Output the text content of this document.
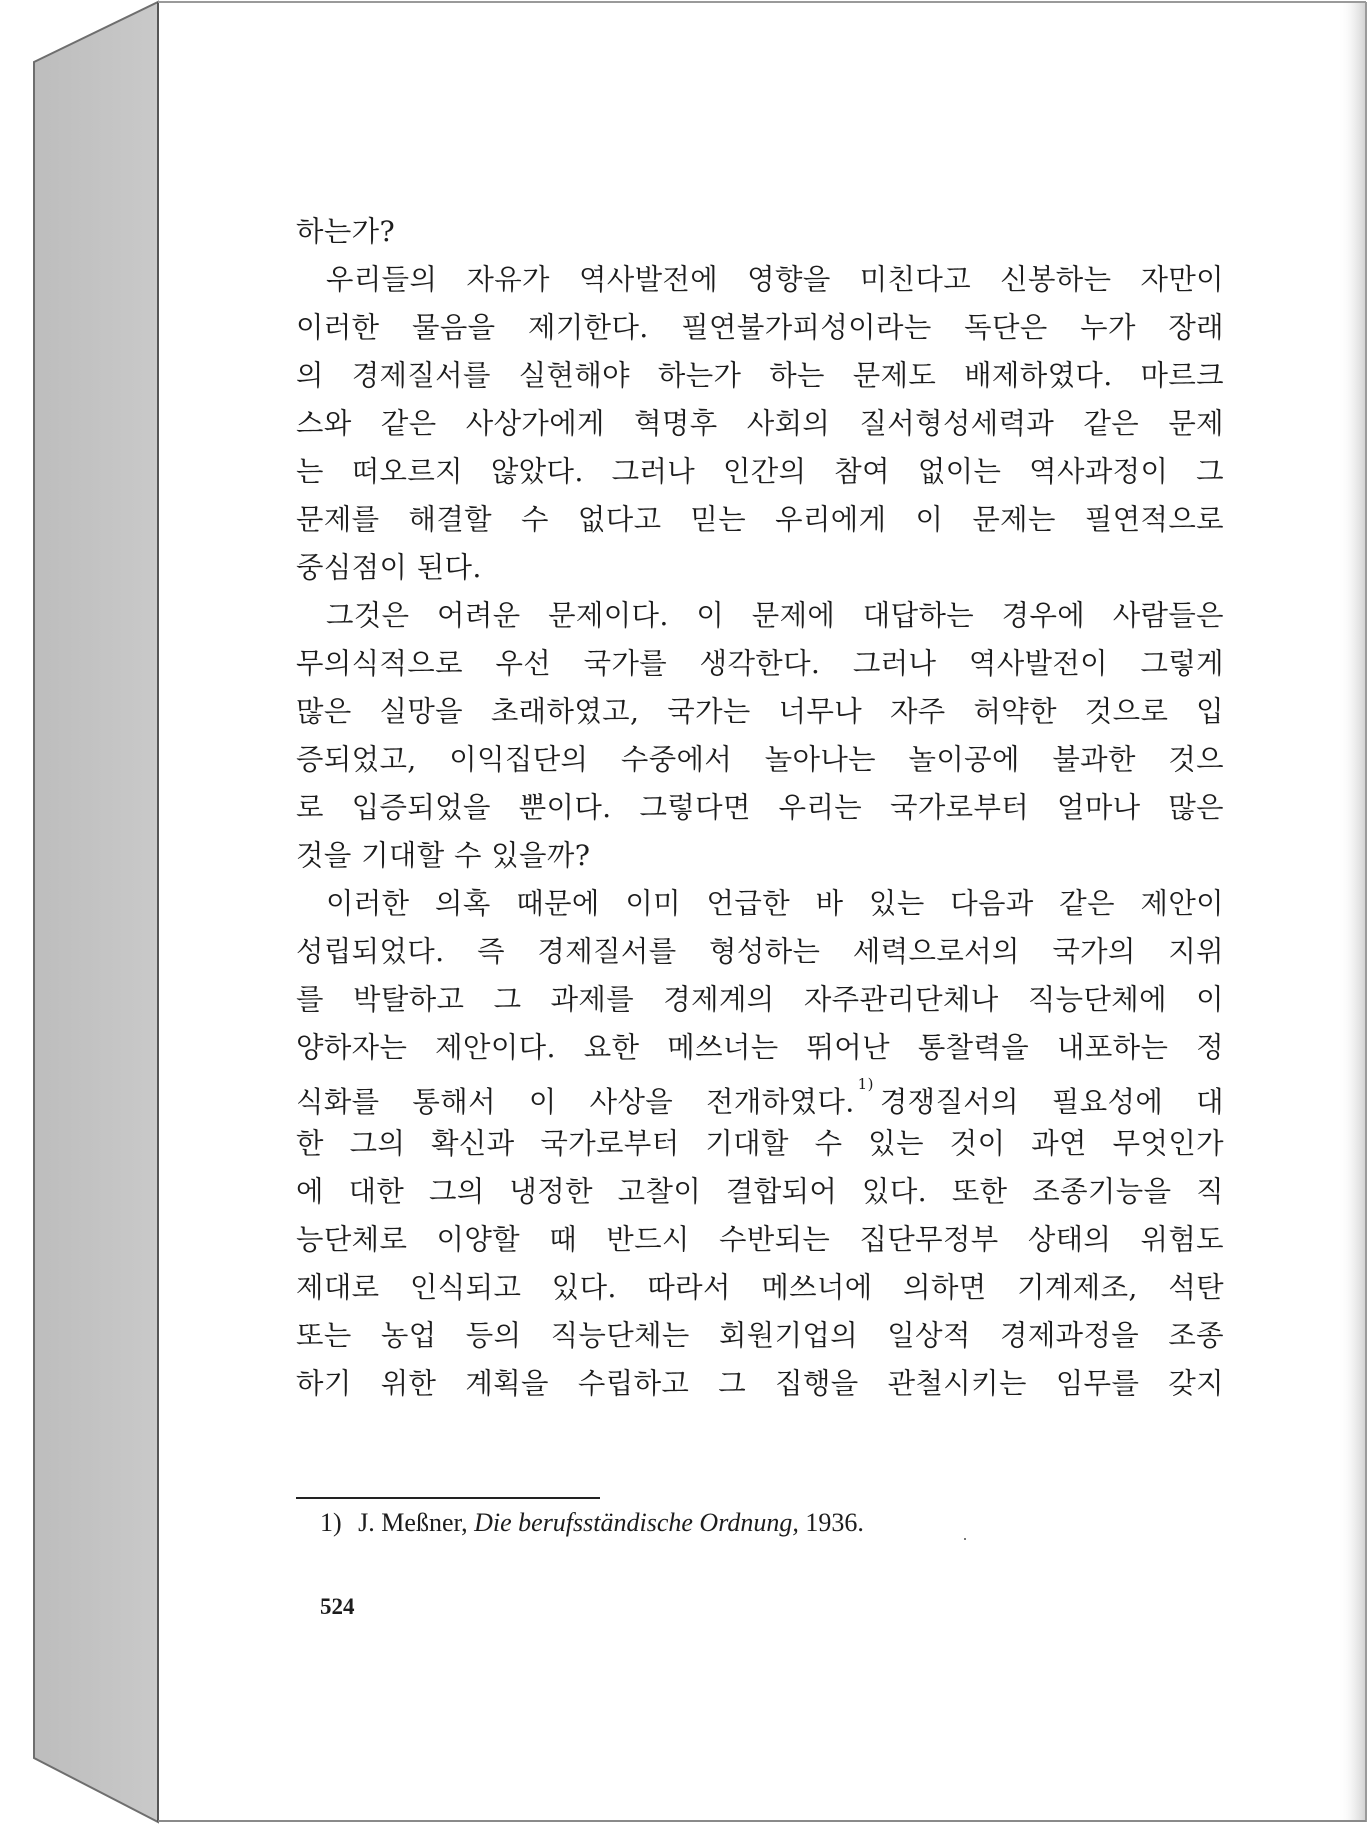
하는가?
우리들의 자유가 역사발전에 영향을 미친다고 신봉하는 자만이
이러한 물음을 제기한다. 필연불가피성이라는 독단은 누가 장래
의 경제질서를 실현해야 하는가 하는 문제도 배제하였다. 마르크
스와 같은 사상가에게 혁명후 사회의 질서형성세력과 같은 문제
는 떠오르지 않았다. 그러나 인간의 참여 없이는 역사과정이 그
문제를 해결할 수 없다고 믿는 우리에게 이 문제는 필연적으로
중심점이 된다.
그것은 어려운 문제이다. 이 문제에 대답하는 경우에 사람들은
무의식적으로 우선 국가를 생각한다. 그러나 역사발전이 그렇게
많은 실망을 초래하였고, 국가는 너무나 자주 허약한 것으로 입
증되었고, 이익집단의 수중에서 놀아나는 놀이공에 불과한 것으
로 입증되었을 뿐이다. 그렇다면 우리는 국가로부터 얼마나 많은
것을 기대할 수 있을까?
이러한 의혹 때문에 이미 언급한 바 있는 다음과 같은 제안이
성립되었다. 즉 경제질서를 형성하는 세력으로서의 국가의 지위
를 박탈하고 그 과제를 경제계의 자주관리단체나 직능단체에 이
양하자는 제안이다. 요한 메쓰너는 뛰어난 통찰력을 내포하는 정
식화를 통해서 이 사상을 전개하였다.$^{1)}$경쟁질서의 필요성에 대
한 그의 확신과 국가로부터 기대할 수 있는 것이 과연 무엇인가
에 대한 그의 냉정한 고찰이 결합되어 있다. 또한 조종기능을 직
능단체로 이양할 때 반드시 수반되는 집단무정부 상태의 위험도
제대로 인식되고 있다. 따라서 메쓰너에 의하면 기계제조, 석탄
또는 농업 등의 직능단체는 회원기업의 일상적 경제과정을 조종
하기 위한 계획을 수립하고 그 집행을 관철시키는 임무를 갖지
1) J. Meßner, Die berufsständische Ordnung, 1936.
524
